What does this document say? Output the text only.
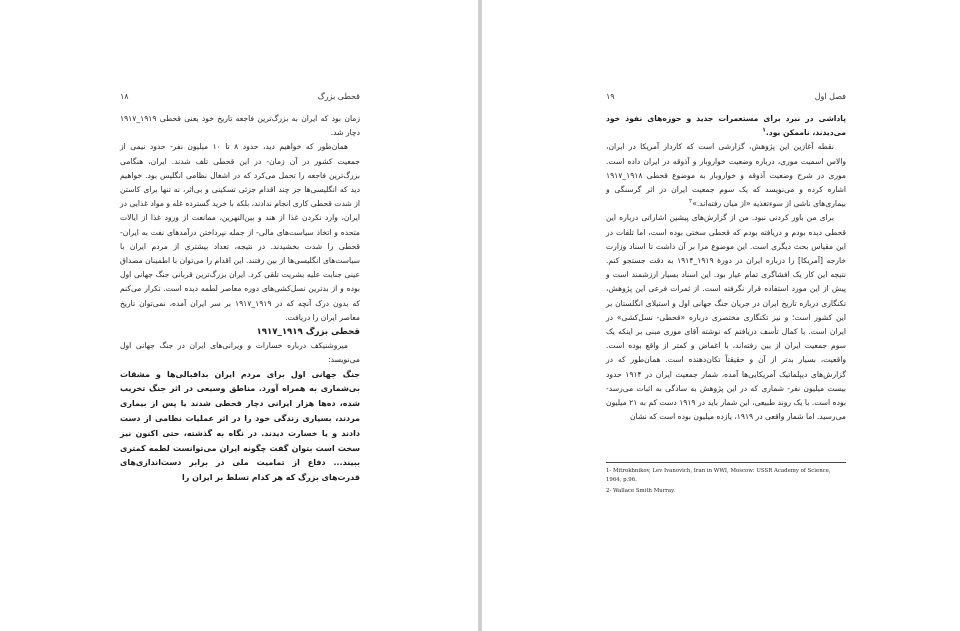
۱۸	قحطی بزرگ

زمان بود که ایران به بزرگ‌ترین فاجعه تاریخ خود یعنی قحطی ۱۹۱۹_۱۹۱۷ دچار شد.

همان‌طور که خواهیم دید، حدود ۸ تا ۱۰ میلیون نفر- حدود نیمی از جمعیت کشور در آن زمان- در این قحطی تلف شدند. ایران، هنگامی بزرگ‌ترین فاجعه را تحمل می‌کرد که در اشغال نظامی انگلیس بود. خواهیم دید که انگلیسی‌ها جز چند اقدام جزئی تسکینی و بی‌اثر، نه تنها برای کاستن از شدت قحطی کاری انجام ندادند، بلکه با خرید گسترده غله و مواد غذایی در ایران، وارد نکردن غذا از هند و بین‌النهرین، ممانعت از ورود غذا از ایالات متحده و اتخاذ سیاست‌های مالی- از جمله نپرداختن درآمدهای نفت به ایران- قحطی را شدت بخشیدند. در نتیجه، تعداد بیشتری از مردم ایران با سیاست‌های انگلیسی‌ها از بین رفتند. این اقدام را می‌توان با اطمینان مصداق عینی جنایت علیه بشریت تلقی کرد. ایران بزرگ‌ترین قربانی جنگ جهانی اول بوده و از بدترین نسل‌کشی‌های دوره معاصر لطمه دیده است. تکرار می‌کنم که بدون درک آنچه که در ۱۹۱۹_۱۹۱۷ بر سر ایران آمده، نمی‌توان تاریخ معاصر ایران را دریافت.

قحطی بزرگ ۱۹۱۹_۱۹۱۷

میروشنیکف درباره خسارات و ویرانی‌های ایران در جنگ جهانی اول می‌نویسد:

جنگ جهانی اول برای مردم ایران بدافبالی‌ها و مشقات بی‌شماری به همراه آورد. مناطق وسیعی در اثر جنگ تخریب شده، ده‌ها هزار ایرانی دچار قحطی شدند یا پس از بیماری مردند، بسیاری زندگی خود را در اثر عملیات نظامی از دست دادند و یا خسارت دیدند. در نگاه به گذشته، حتی اکنون نیز سخت است بتوان گفت چگونه ایران می‌توانست لطمه کمتری ببیند... دفاع از تمامیت ملی در برابر دست‌اندازی‌های قدرت‌های بزرگ که هر کدام تسلط بر ایران را

۱۹	فصل اول

پاداشی در نبرد برای مستعمرات جدید و حوزه‌های نفوذ خود می‌دیدند، ناممکن بود.$^۱$

نقطه آغازین این پژوهش، گزارشی است که کاردار آمریکا در ایران، والاس اسمیت موری، درباره وضعیت خواروبار و آذوقه در ایران داده است. موری در شرح وضعیت آذوقه و خواروبار به موضوع قحطی ۱۹۱۸_۱۹۱۷ اشاره کرده و می‌نویسد که یک سوم جمعیت ایران در اثر گرسنگی و بیماری‌های ناشی از سوءتغذیه «از میان رفته‌اند.»$^۲$

برای من باور کردنی نبود. من از گزارش‌های پیشین اشاراتی درباره این قحطی دیده بودم و دریافته بودم که قحطی سختی بوده است، اما تلفات در این مقیاس بحث دیگری است. این موضوع مرا بر آن داشت تا اسناد وزارت خارجه [آمریکا] را درباره ایران در دورهٔ ۱۹۱۹_۱۹۱۴ به دقت جستجو کنم. نتیجه این کار یک افشاگری تمام عیار بود. این اسناد بسیار ارزشمند است و پیش از این مورد استفاده قرار نگرفته است. از ثمرات فرعی این پژوهش، تکنگاری درباره تاریخ ایران در جریان جنگ جهانی اول و استیلای انگلستان بر این کشور است؛ و نیز تکنگاری مختصری درباره «قحطی- نسل‌کشی» در ایران است. با کمال تأسف دریافتم که نوشته آقای موری مبنی بر اینکه یک سوم جمعیت ایران از بین رفته‌اند، با اغماض و کمتر از واقع بوده است. واقعیت، بسیار بدتر از آن و حقیقتاً تکان‌دهنده است. همان‌طور که در گزارش‌های دیپلماتیک آمریکایی‌ها آمده، شمار جمعیت ایران در ۱۹۱۴ حدود بیست میلیون نفر- شماری که در این پژوهش به سادگی به اثبات می‌رسد- بوده است. با یک روند طبیعی، این شمار باید در ۱۹۱۹ دست کم به ۲۱ میلیون می‌رسید. اما شمار واقعی در ۱۹۱۹، یازده میلیون بوده است که نشان

1- Mitrokhnikov, Lev Ivanovich, Iran in WWI, Moscow: USSR Academy of Science, 1964, p.96.
2- Wallace Smith Murray.
